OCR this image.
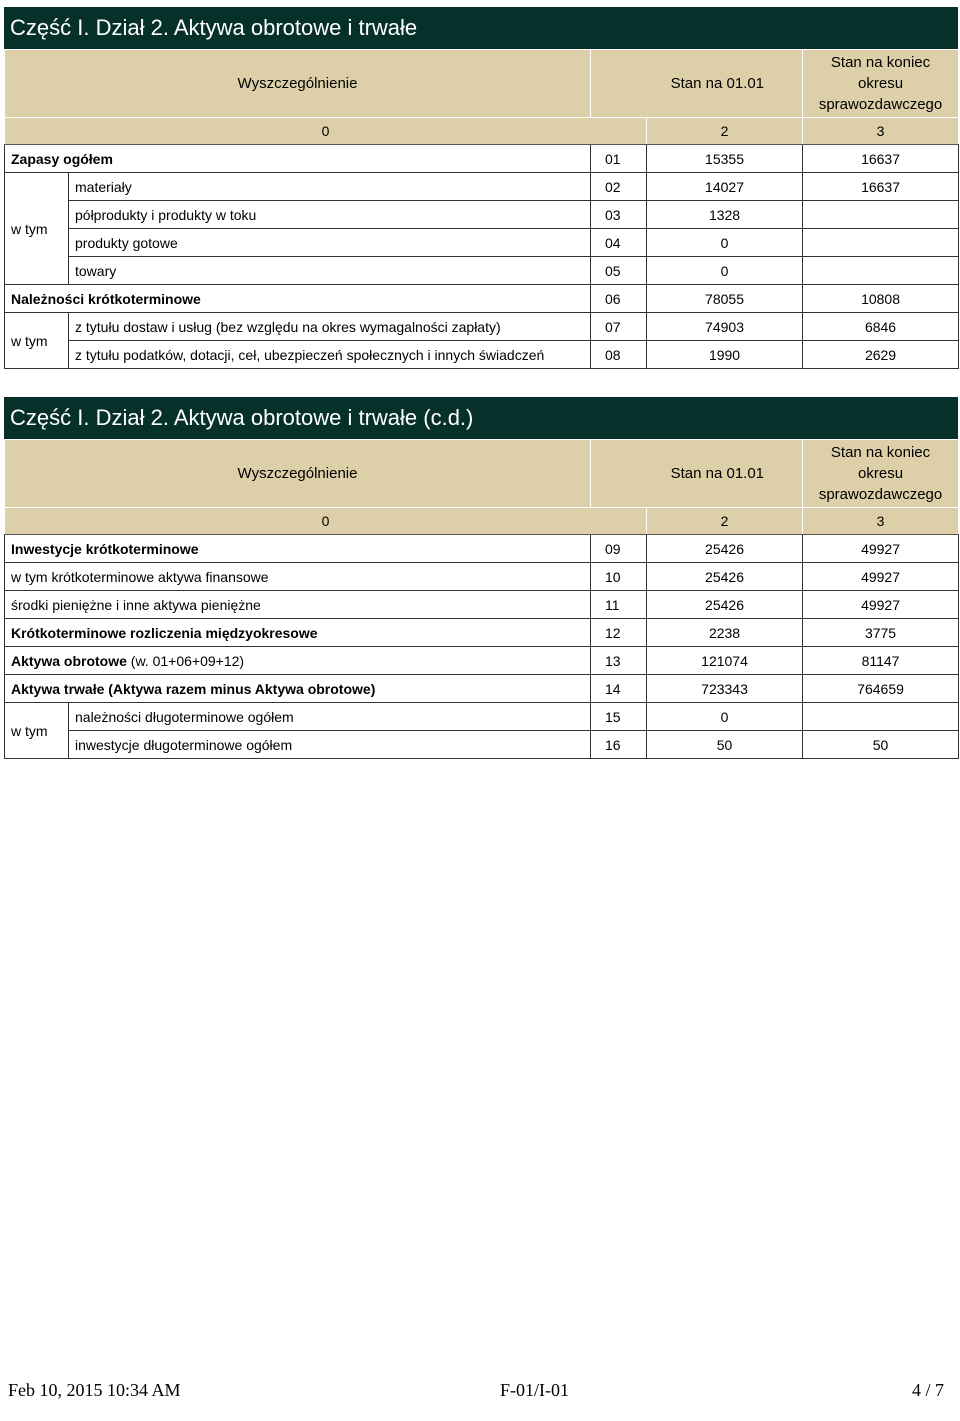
Część I. Dział 2. Aktywa obrotowe i trwałe
Wyszczególnienie		Stan na 01.01		Stan na koniec okresu sprawozdawczego
0			2	3
Zapasy ogółem		01	15355	16637
w tym	materiały	02	14027	16637
	półprodukty i produkty w toku	03	1328	
	produkty gotowe	04	0	
	towary	05	0	
Należności krótkoterminowe		06	78055	10808
w tym	z tytułu dostaw i usług (bez względu na okres wymagalności zapłaty)	07	74903	6846
	z tytułu podatków, dotacji, ceł, ubezpieczeń społecznych i innych świadczeń	08	1990	2629
Część I. Dział 2. Aktywa obrotowe i trwałe (c.d.)
Wyszczególnienie		Stan na 01.01		Stan na koniec okresu sprawozdawczego
0			2	3
Inwestycje krótkoterminowe		09	25426	49927
w tym krótkoterminowe aktywa finansowe		10	25426	49927
środki pieniężne i inne aktywa pieniężne		11	25426	49927
Krótkoterminowe rozliczenia międzyokresowe		12	2238	3775
Aktywa obrotowe (w. 01+06+09+12)		13	121074	81147
Aktywa trwałe (Aktywa razem minus Aktywa obrotowe)		14	723343	764659
w tym	należności długoterminowe ogółem	15	0	
	inwestycje długoterminowe ogółem	16	50	50
Feb 10, 2015 10:34 AM	F-01/I-01	4 / 7
